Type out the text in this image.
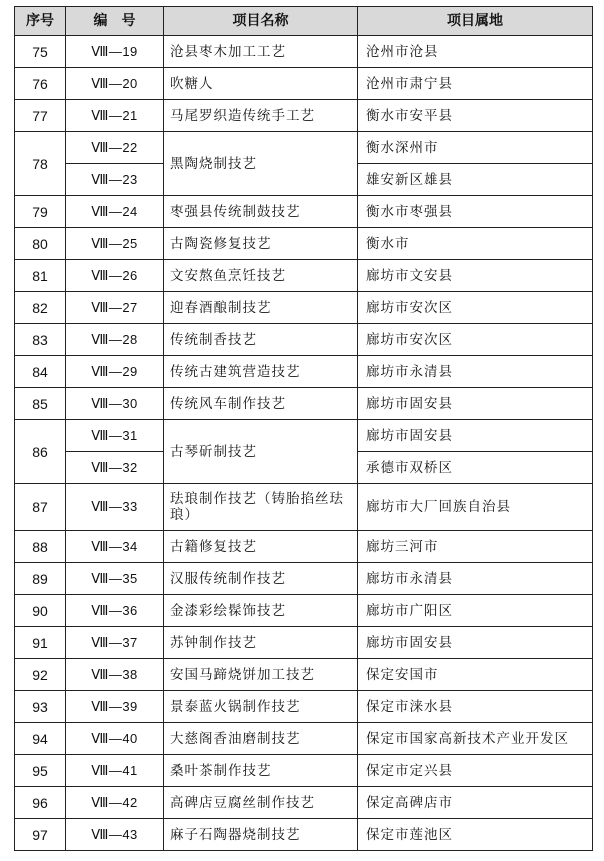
序号	编　号	项目名称	项目属地
75	Ⅷ—19	沧县枣木加工工艺	沧州市沧县
76	Ⅷ—20	吹糖人	沧州市肃宁县
77	Ⅷ—21	马尾罗织造传统手工艺	衡水市安平县
78	Ⅷ—22	黑陶烧制技艺	衡水深州市
	Ⅷ—23		雄安新区雄县
79	Ⅷ—24	枣强县传统制鼓技艺	衡水市枣强县
80	Ⅷ—25	古陶瓷修复技艺	衡水市
81	Ⅷ—26	文安熬鱼烹饪技艺	廊坊市文安县
82	Ⅷ—27	迎春酒酿制技艺	廊坊市安次区
83	Ⅷ—28	传统制香技艺	廊坊市安次区
84	Ⅷ—29	传统古建筑营造技艺	廊坊市永清县
85	Ⅷ—30	传统风车制作技艺	廊坊市固安县
86	Ⅷ—31	古琴斫制技艺	廊坊市固安县
	Ⅷ—32		承德市双桥区
87	Ⅷ—33	珐琅制作技艺（铸胎掐丝珐琅）	廊坊市大厂回族自治县
88	Ⅷ—34	古籍修复技艺	廊坊三河市
89	Ⅷ—35	汉服传统制作技艺	廊坊市永清县
90	Ⅷ—36	金漆彩绘髹饰技艺	廊坊市广阳区
91	Ⅷ—37	苏钟制作技艺	廊坊市固安县
92	Ⅷ—38	安国马蹄烧饼加工技艺	保定安国市
93	Ⅷ—39	景泰蓝火锅制作技艺	保定市涞水县
94	Ⅷ—40	大慈阁香油磨制技艺	保定市国家高新技术产业开发区
95	Ⅷ—41	桑叶茶制作技艺	保定市定兴县
96	Ⅷ—42	高碑店豆腐丝制作技艺	保定高碑店市
97	Ⅷ—43	麻子石陶器烧制技艺	保定市莲池区
